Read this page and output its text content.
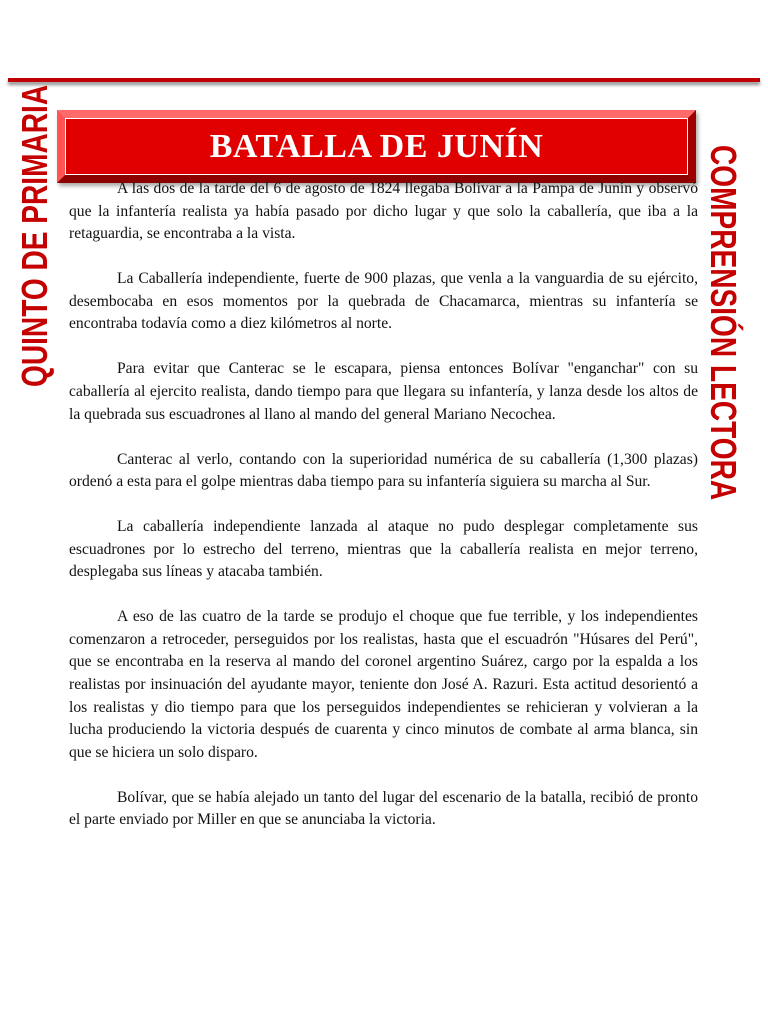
BATALLA DE JUNÍN
QUINTO DE PRIMARIA	COMPRENSIÓN LECTORA

A las dos de la tarde del 6 de agosto de 1824 llegaba Bolívar a la Pampa de Junín y observó que la infantería realista ya había pasado por dicho lugar y que solo la caballería, que iba a la retaguardia, se encontraba a la vista.

La Caballería independiente, fuerte de 900 plazas, que venla a la vanguardia de su ejército, desembocaba en esos momentos por la quebrada de Chacamarca, mientras su infantería se encontraba todavía como a diez kilómetros al norte.

Para evitar que Canterac se le escapara, piensa entonces Bolívar "enganchar" con su caballería al ejercito realista, dando tiempo para que llegara su infantería, y lanza desde los altos de la quebrada sus escuadrones al llano al mando del general Mariano Necochea.

Canterac al verlo, contando con la superioridad numérica de su caballería (1,300 plazas) ordenó a esta para el golpe mientras daba tiempo para su infantería siguiera su marcha al Sur.

La caballería independiente lanzada al ataque no pudo desplegar completamente sus escuadrones por lo estrecho del terreno, mientras que la caballería realista en mejor terreno, desplegaba sus líneas y atacaba también.

A eso de las cuatro de la tarde se produjo el choque que fue terrible, y los independientes comenzaron a retroceder, perseguidos por los realistas, hasta que el escuadrón "Húsares del Perú", que se encontraba en la reserva al mando del coronel argentino Suárez, cargo por la espalda a los realistas por insinuación del ayudante mayor, teniente don José A. Razuri. Esta actitud desorientó a los realistas y dio tiempo para que los perseguidos independientes se rehicieran y volvieran a la lucha produciendo la victoria después de cuarenta y cinco minutos de combate al arma blanca, sin que se hiciera un solo disparo.

Bolívar, que se había alejado un tanto del lugar del escenario de la batalla, recibió de pronto el parte enviado por Miller en que se anunciaba la victoria.
